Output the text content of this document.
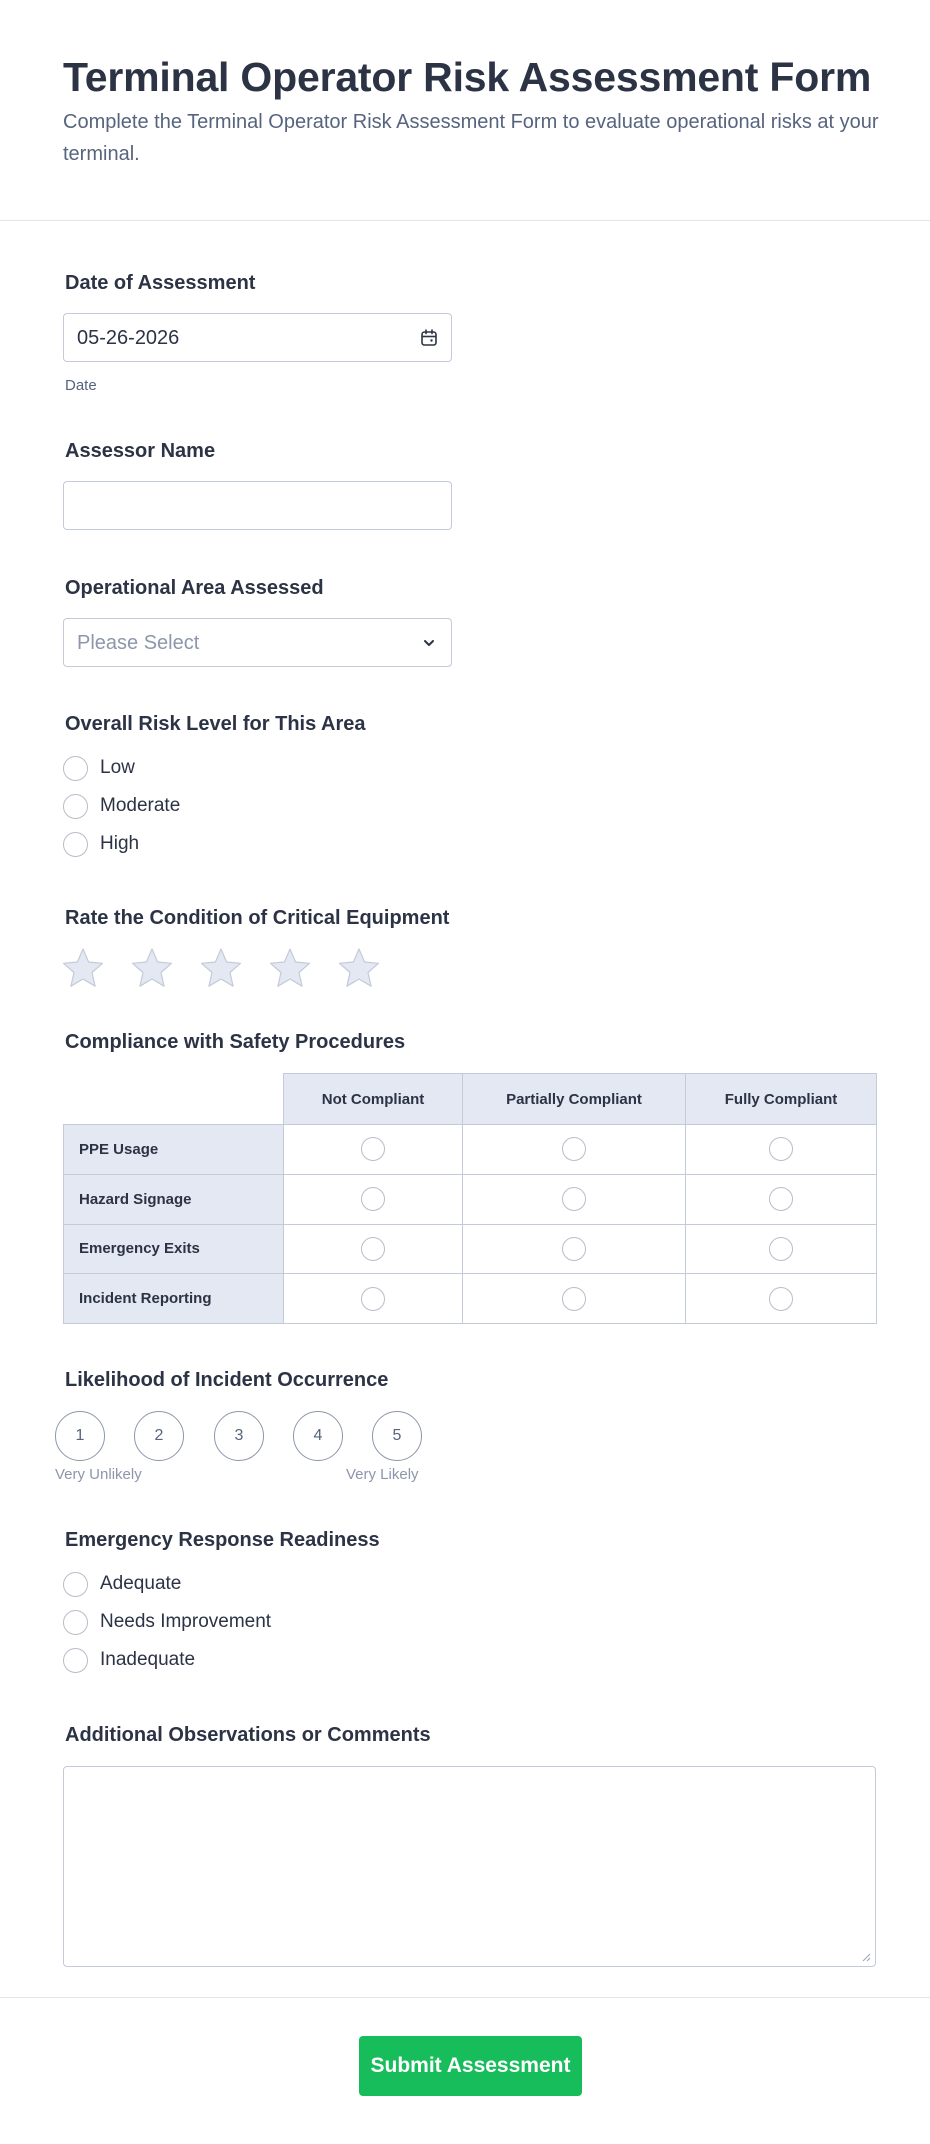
Terminal Operator Risk Assessment Form
Complete the Terminal Operator Risk Assessment Form to evaluate operational risks at your terminal.
Date of Assessment
05-26-2026
Date
Assessor Name
Operational Area Assessed
Please Select
Overall Risk Level for This Area
Low
Moderate
High
Rate the Condition of Critical Equipment
Compliance with Safety Procedures
	Not Compliant	Partially Compliant	Fully Compliant
PPE Usage			
Hazard Signage			
Emergency Exits			
Incident Reporting			
Likelihood of Incident Occurrence
1	2	3	4	5
Very Unlikely	Very Likely
Emergency Response Readiness
Adequate
Needs Improvement
Inadequate
Additional Observations or Comments
Submit Assessment
